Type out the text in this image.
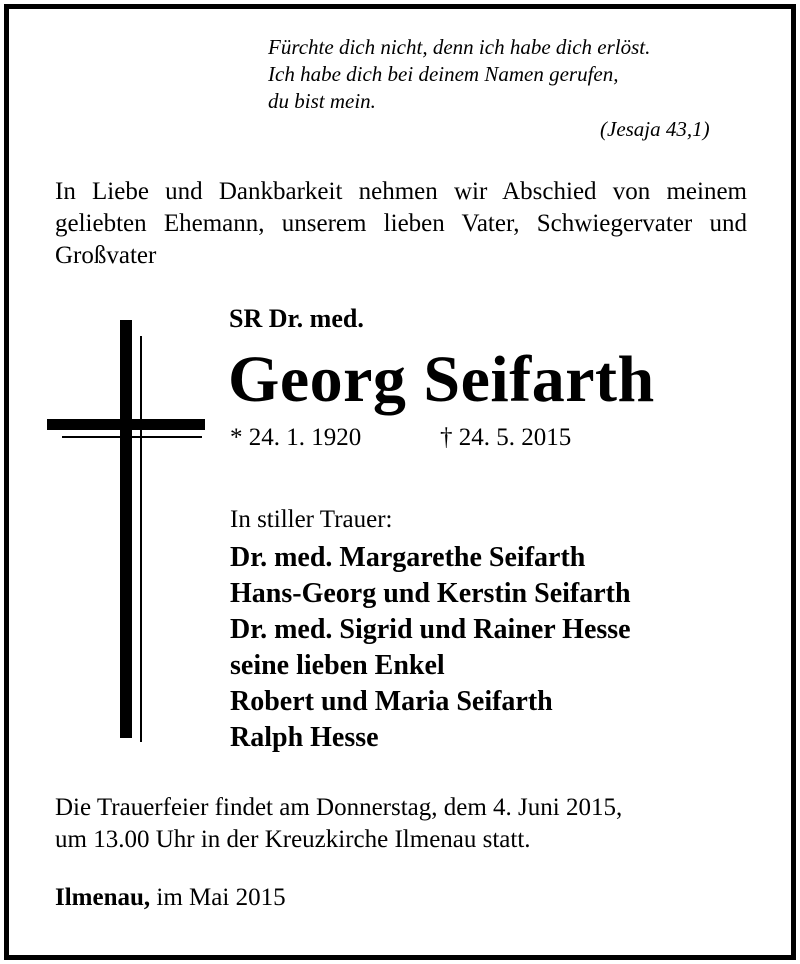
Fürchte dich nicht, denn ich habe dich erlöst.
Ich habe dich bei deinem Namen gerufen,
du bist mein.
(Jesaja 43,1)
In Liebe und Dankbarkeit nehmen wir Abschied von meinem geliebten Ehemann, unserem lieben Vater, Schwiegervater und Großvater
SR Dr. med.
Georg Seifarth
* 24. 1. 1920	† 24. 5. 2015
In stiller Trauer:
Dr. med. Margarethe Seifarth
Hans-Georg und Kerstin Seifarth
Dr. med. Sigrid und Rainer Hesse
seine lieben Enkel
Robert und Maria Seifarth
Ralph Hesse
Die Trauerfeier findet am Donnerstag, dem 4. Juni 2015,
um 13.00 Uhr in der Kreuzkirche Ilmenau statt.
Ilmenau, im Mai 2015
